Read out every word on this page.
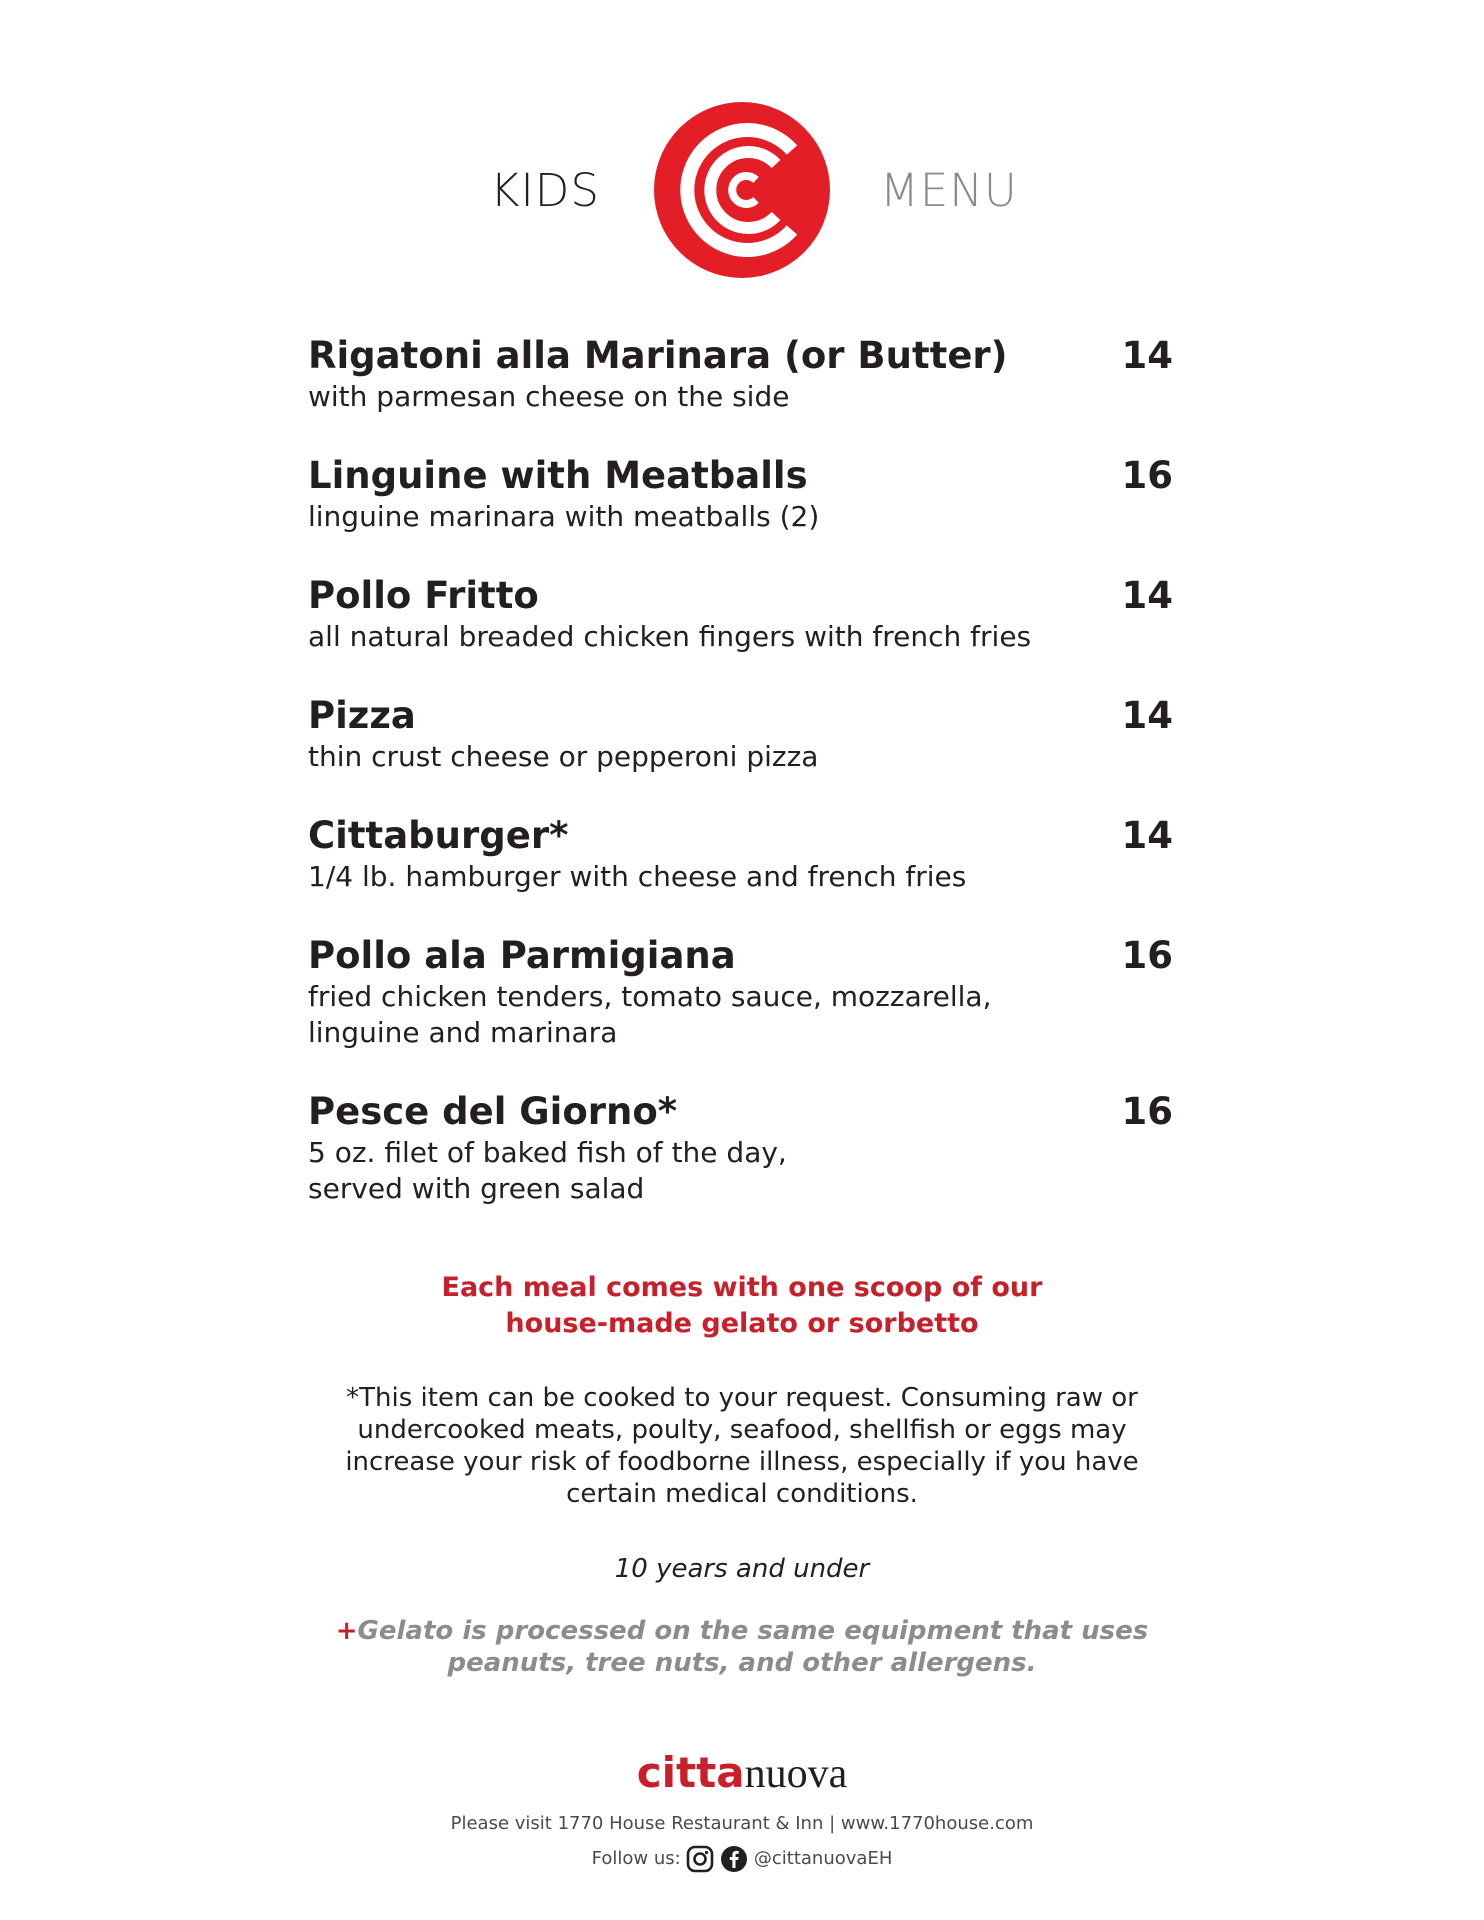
KIDS	MENU
Rigatoni alla Marinara (or Butter)	14
with parmesan cheese on the side
Linguine with Meatballs	16
linguine marinara with meatballs (2)
Pollo Fritto	14
all natural breaded chicken fingers with french fries
Pizza	14
thin crust cheese or pepperoni pizza
Cittaburger*	14
1/4 lb. hamburger with cheese and french fries
Pollo ala Parmigiana	16
fried chicken tenders, tomato sauce, mozzarella,
linguine and marinara
Pesce del Giorno*	16
5 oz. filet of baked fish of the day,
served with green salad
Each meal comes with one scoop of our
house-made gelato or sorbetto
*This item can be cooked to your request. Consuming raw or
undercooked meats, poulty, seafood, shellfish or eggs may
increase your risk of foodborne illness, especially if you have
certain medical conditions.
10 years and under
+Gelato is processed on the same equipment that uses
peanuts, tree nuts, and other allergens.
cittanuova
Please visit 1770 House Restaurant & Inn | www.1770house.com
Follow us:	@cittanuovaEH
